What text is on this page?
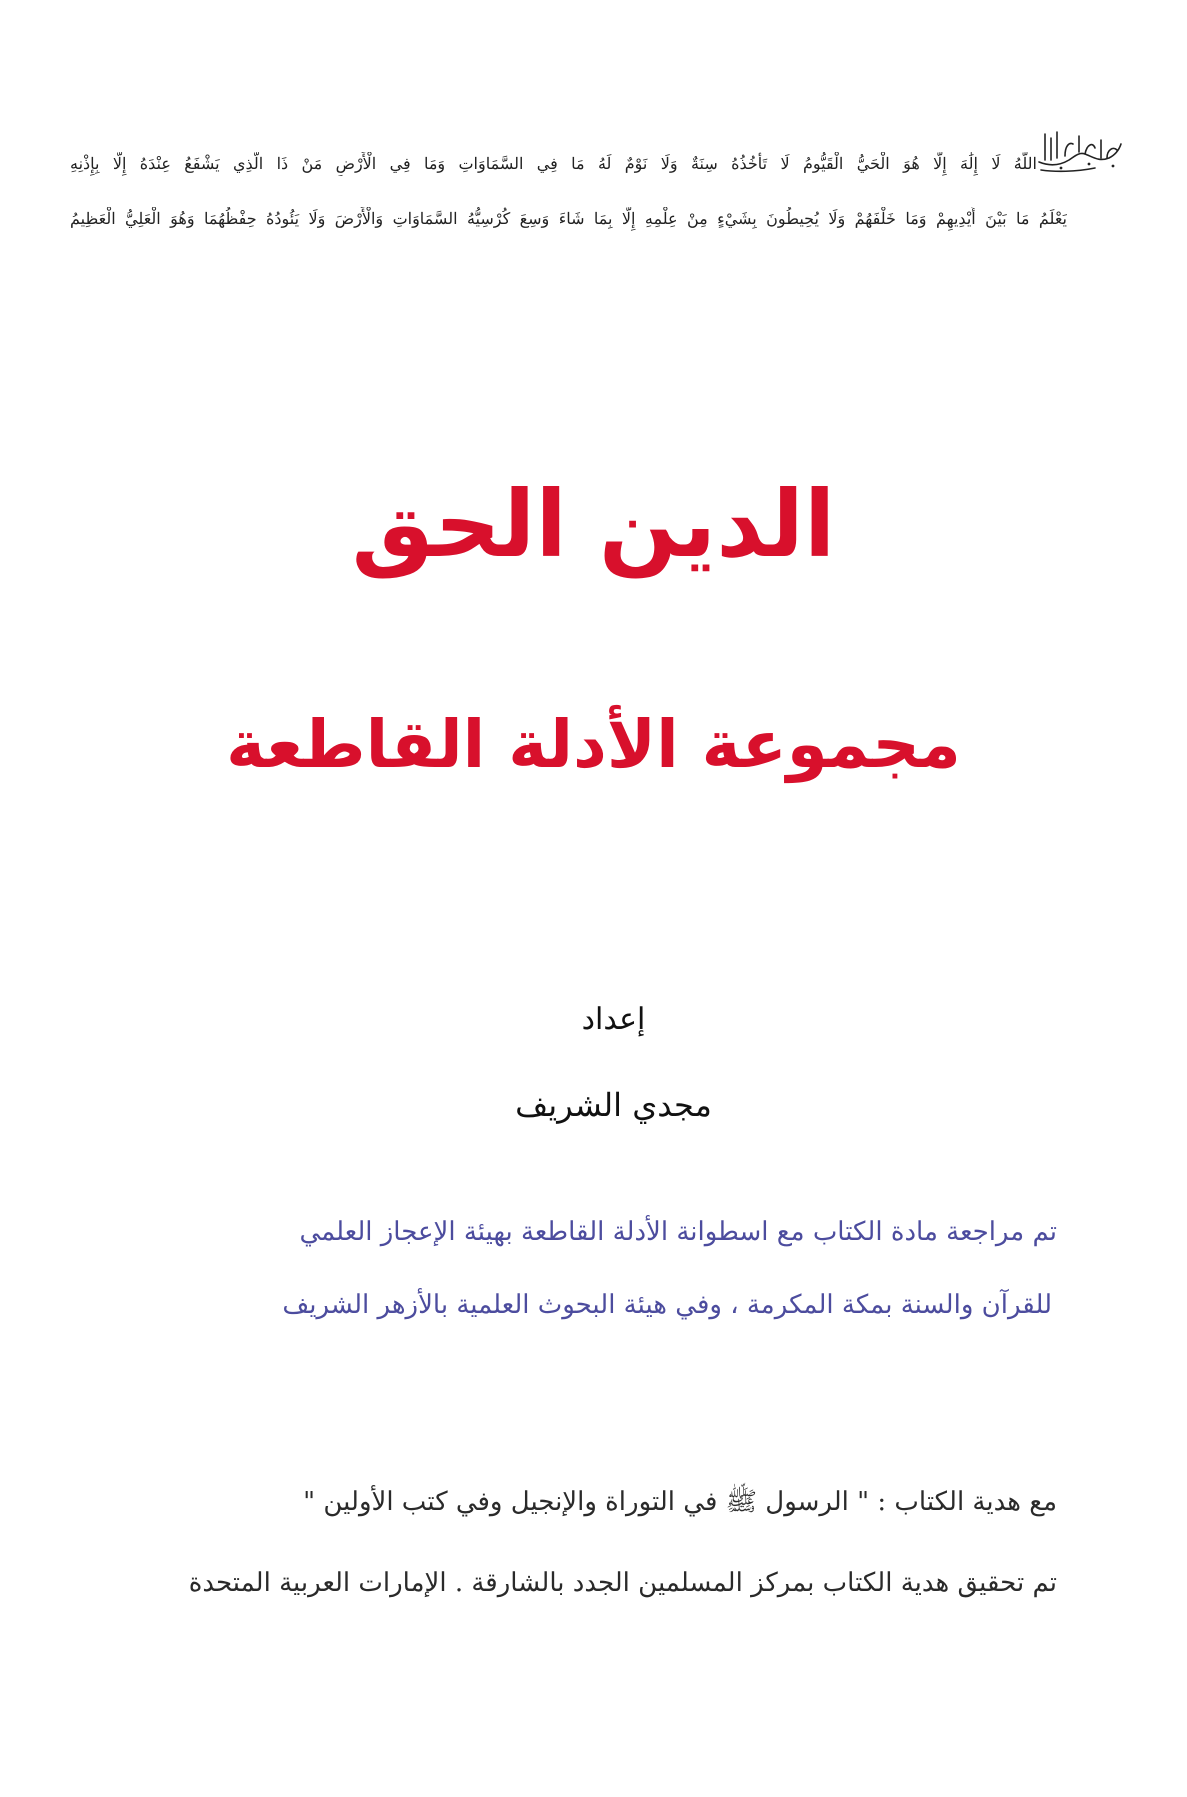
اللَّهُ لَا إِلَٰهَ إِلَّا هُوَ الْحَيُّ الْقَيُّومُ لَا تَأْخُذُهُ سِنَةٌ وَلَا نَوْمٌ لَهُ مَا فِي السَّمَاوَاتِ وَمَا فِي الْأَرْضِ مَنْ ذَا الَّذِي يَشْفَعُ عِنْدَهُ إِلَّا بِإِذْنِهِ
يَعْلَمُ مَا بَيْنَ أَيْدِيهِمْ وَمَا خَلْفَهُمْ وَلَا يُحِيطُونَ بِشَيْءٍ مِنْ عِلْمِهِ إِلَّا بِمَا شَاءَ وَسِعَ كُرْسِيُّهُ السَّمَاوَاتِ وَالْأَرْضَ وَلَا يَئُودُهُ حِفْظُهُمَا وَهُوَ الْعَلِيُّ الْعَظِيمُ
الدين الحق
مجموعة الأدلة القاطعة
إعداد
مجدي الشريف
تم مراجعة مادة الكتاب مع اسطوانة الأدلة القاطعة بهيئة الإعجاز العلمي
للقرآن والسنة بمكة المكرمة ، وفي هيئة البحوث العلمية بالأزهر الشريف
مع هدية الكتاب : " الرسول ﷺ في التوراة والإنجيل وفي كتب الأولين "
تم تحقيق هدية الكتاب بمركز المسلمين الجدد بالشارقة . الإمارات العربية المتحدة
